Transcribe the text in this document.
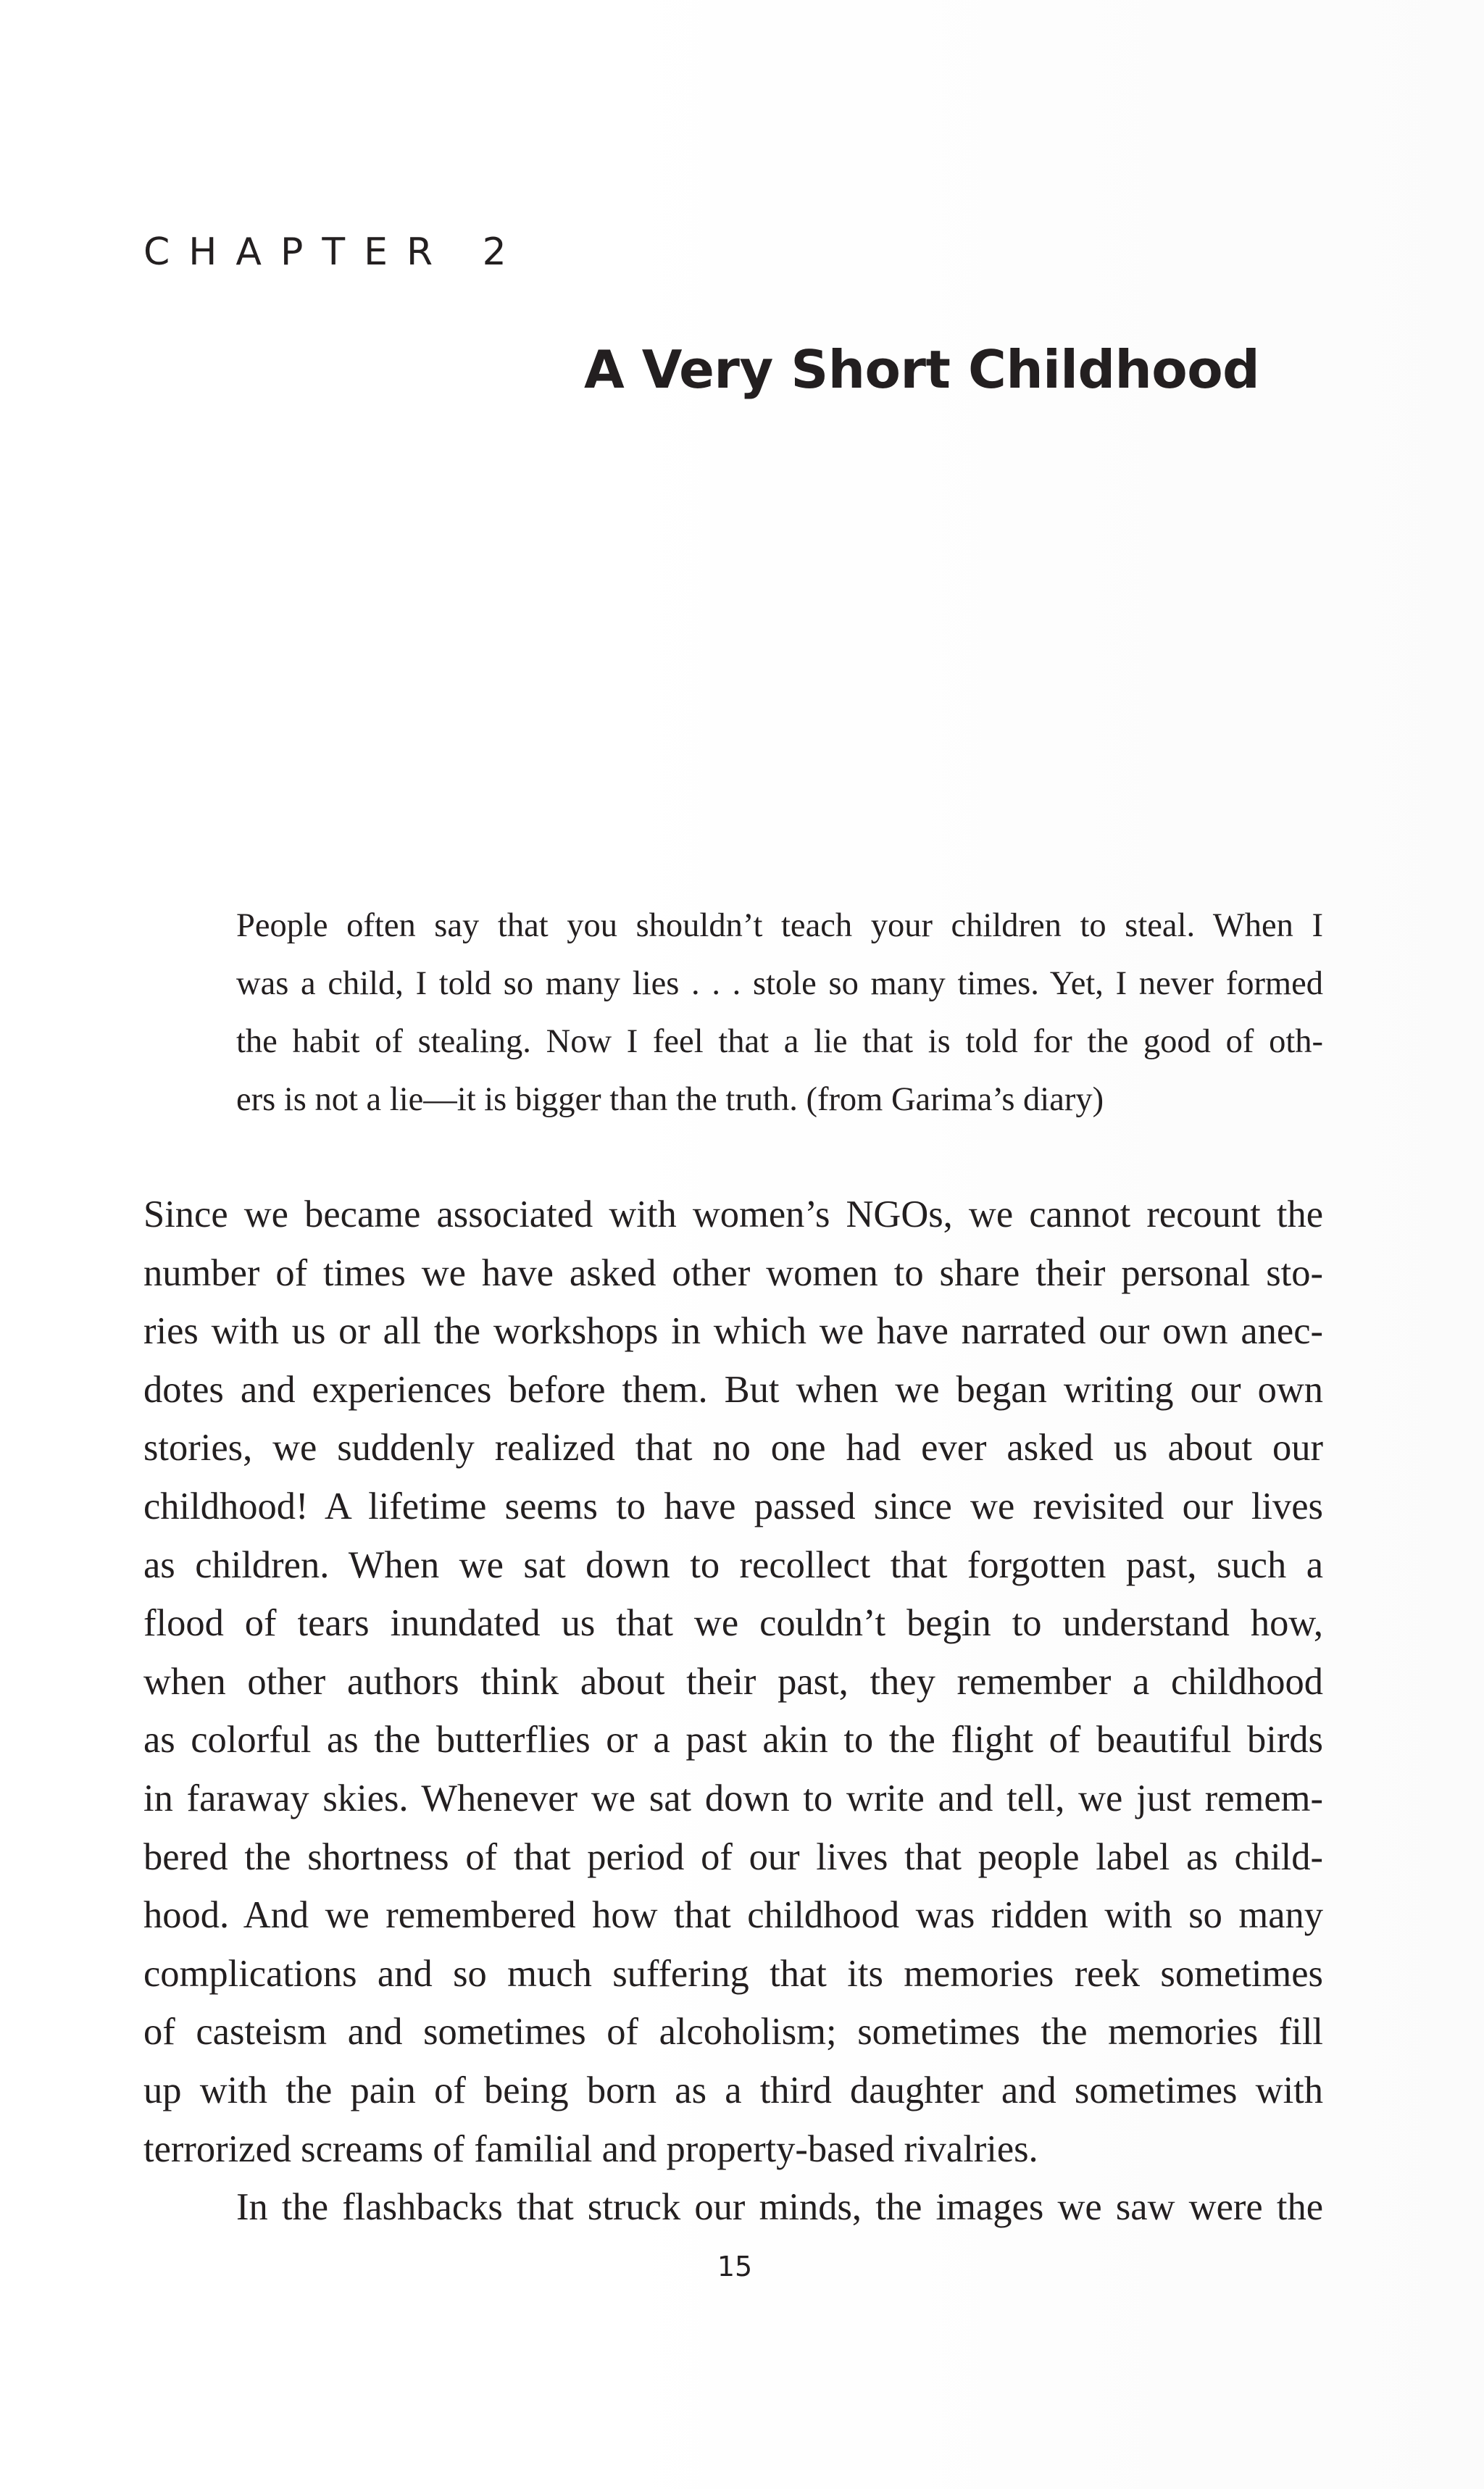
CHAPTER 2
A Very Short Childhood
People often say that you shouldn’t teach your children to steal. When I
was a child, I told so many lies . . . stole so many times. Yet, I never formed
the habit of stealing. Now I feel that a lie that is told for the good of oth-
ers is not a lie—it is bigger than the truth. (from Garima’s diary)
Since we became associated with women’s NGOs, we cannot recount the
number of times we have asked other women to share their personal sto-
ries with us or all the workshops in which we have narrated our own anec-
dotes and experiences before them. But when we began writing our own
stories, we suddenly realized that no one had ever asked us about our
childhood! A lifetime seems to have passed since we revisited our lives
as children. When we sat down to recollect that forgotten past, such a
flood of tears inundated us that we couldn’t begin to understand how,
when other authors think about their past, they remember a childhood
as colorful as the butterflies or a past akin to the flight of beautiful birds
in faraway skies. Whenever we sat down to write and tell, we just remem-
bered the shortness of that period of our lives that people label as child-
hood. And we remembered how that childhood was ridden with so many
complications and so much suffering that its memories reek sometimes
of casteism and sometimes of alcoholism; sometimes the memories fill
up with the pain of being born as a third daughter and sometimes with
terrorized screams of familial and property-based rivalries.
In the flashbacks that struck our minds, the images we saw were the
15
